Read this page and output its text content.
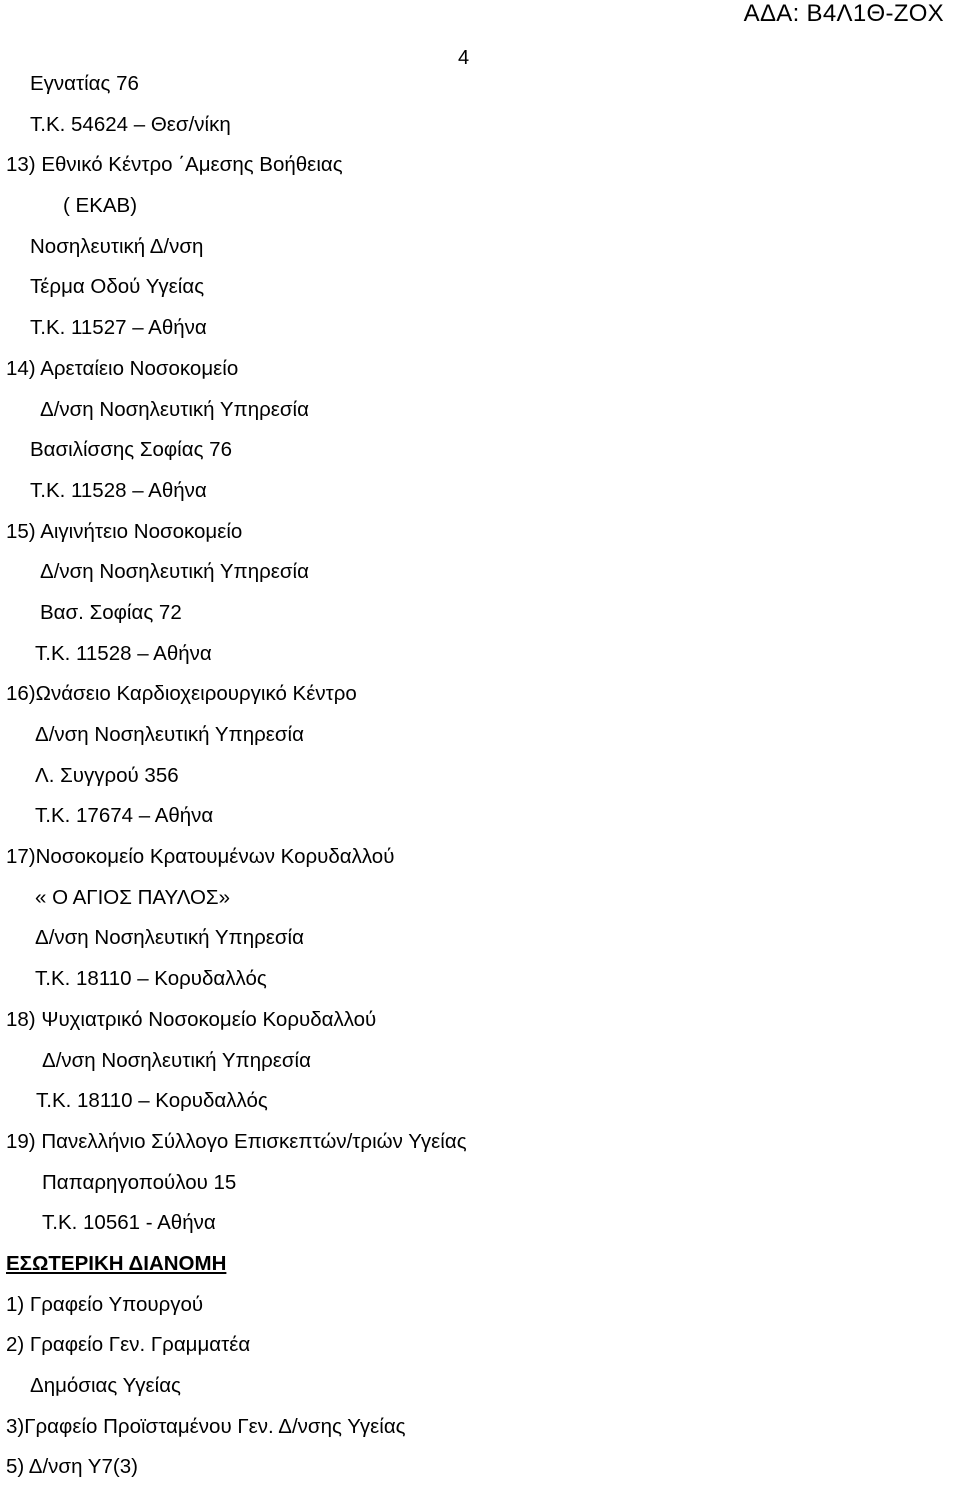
ΑΔΑ: Β4Λ1Θ-ΖΟΧ
4
Εγνατίας 76
Τ.Κ. 54624 – Θεσ/νίκη
13) Εθνικό Κέντρο ΄Αμεσης Βοήθειας
( ΕΚΑΒ)
Νοσηλευτική Δ/νση
Τέρμα Οδού Υγείας
Τ.Κ. 11527 – Αθήνα
14) Αρεταίειο Νοσοκομείο
Δ/νση Νοσηλευτική Υπηρεσία
Βασιλίσσης Σοφίας 76
Τ.Κ. 11528 – Αθήνα
15) Αιγινήτειο Νοσοκομείο
Δ/νση Νοσηλευτική Υπηρεσία
Βασ. Σοφίας 72
Τ.Κ. 11528 – Αθήνα
16)Ωνάσειο Καρδιοχειρουργικό Κέντρο
Δ/νση Νοσηλευτική Υπηρεσία
Λ. Συγγρού 356
Τ.Κ. 17674 – Αθήνα
17)Νοσοκομείο Κρατουμένων Κορυδαλλού
« Ο ΑΓΙΟΣ ΠΑΥΛΟΣ»
Δ/νση Νοσηλευτική Υπηρεσία
Τ.Κ. 18110 – Κορυδαλλός
18) Ψυχιατρικό Νοσοκομείο Κορυδαλλού
Δ/νση Νοσηλευτική Υπηρεσία
Τ.Κ. 18110 – Κορυδαλλός
19) Πανελλήνιο Σύλλογο Επισκεπτών/τριών Υγείας
Παπαρηγοπούλου 15
Τ.Κ. 10561 - Αθήνα
ΕΣΩΤΕΡΙΚΗ ΔΙΑΝΟΜΗ
1) Γραφείο Υπουργού
2) Γραφείο Γεν. Γραμματέα
Δημόσιας Υγείας
3)Γραφείο Προϊσταμένου Γεν. Δ/νσης Υγείας
5) Δ/νση Υ7(3)
